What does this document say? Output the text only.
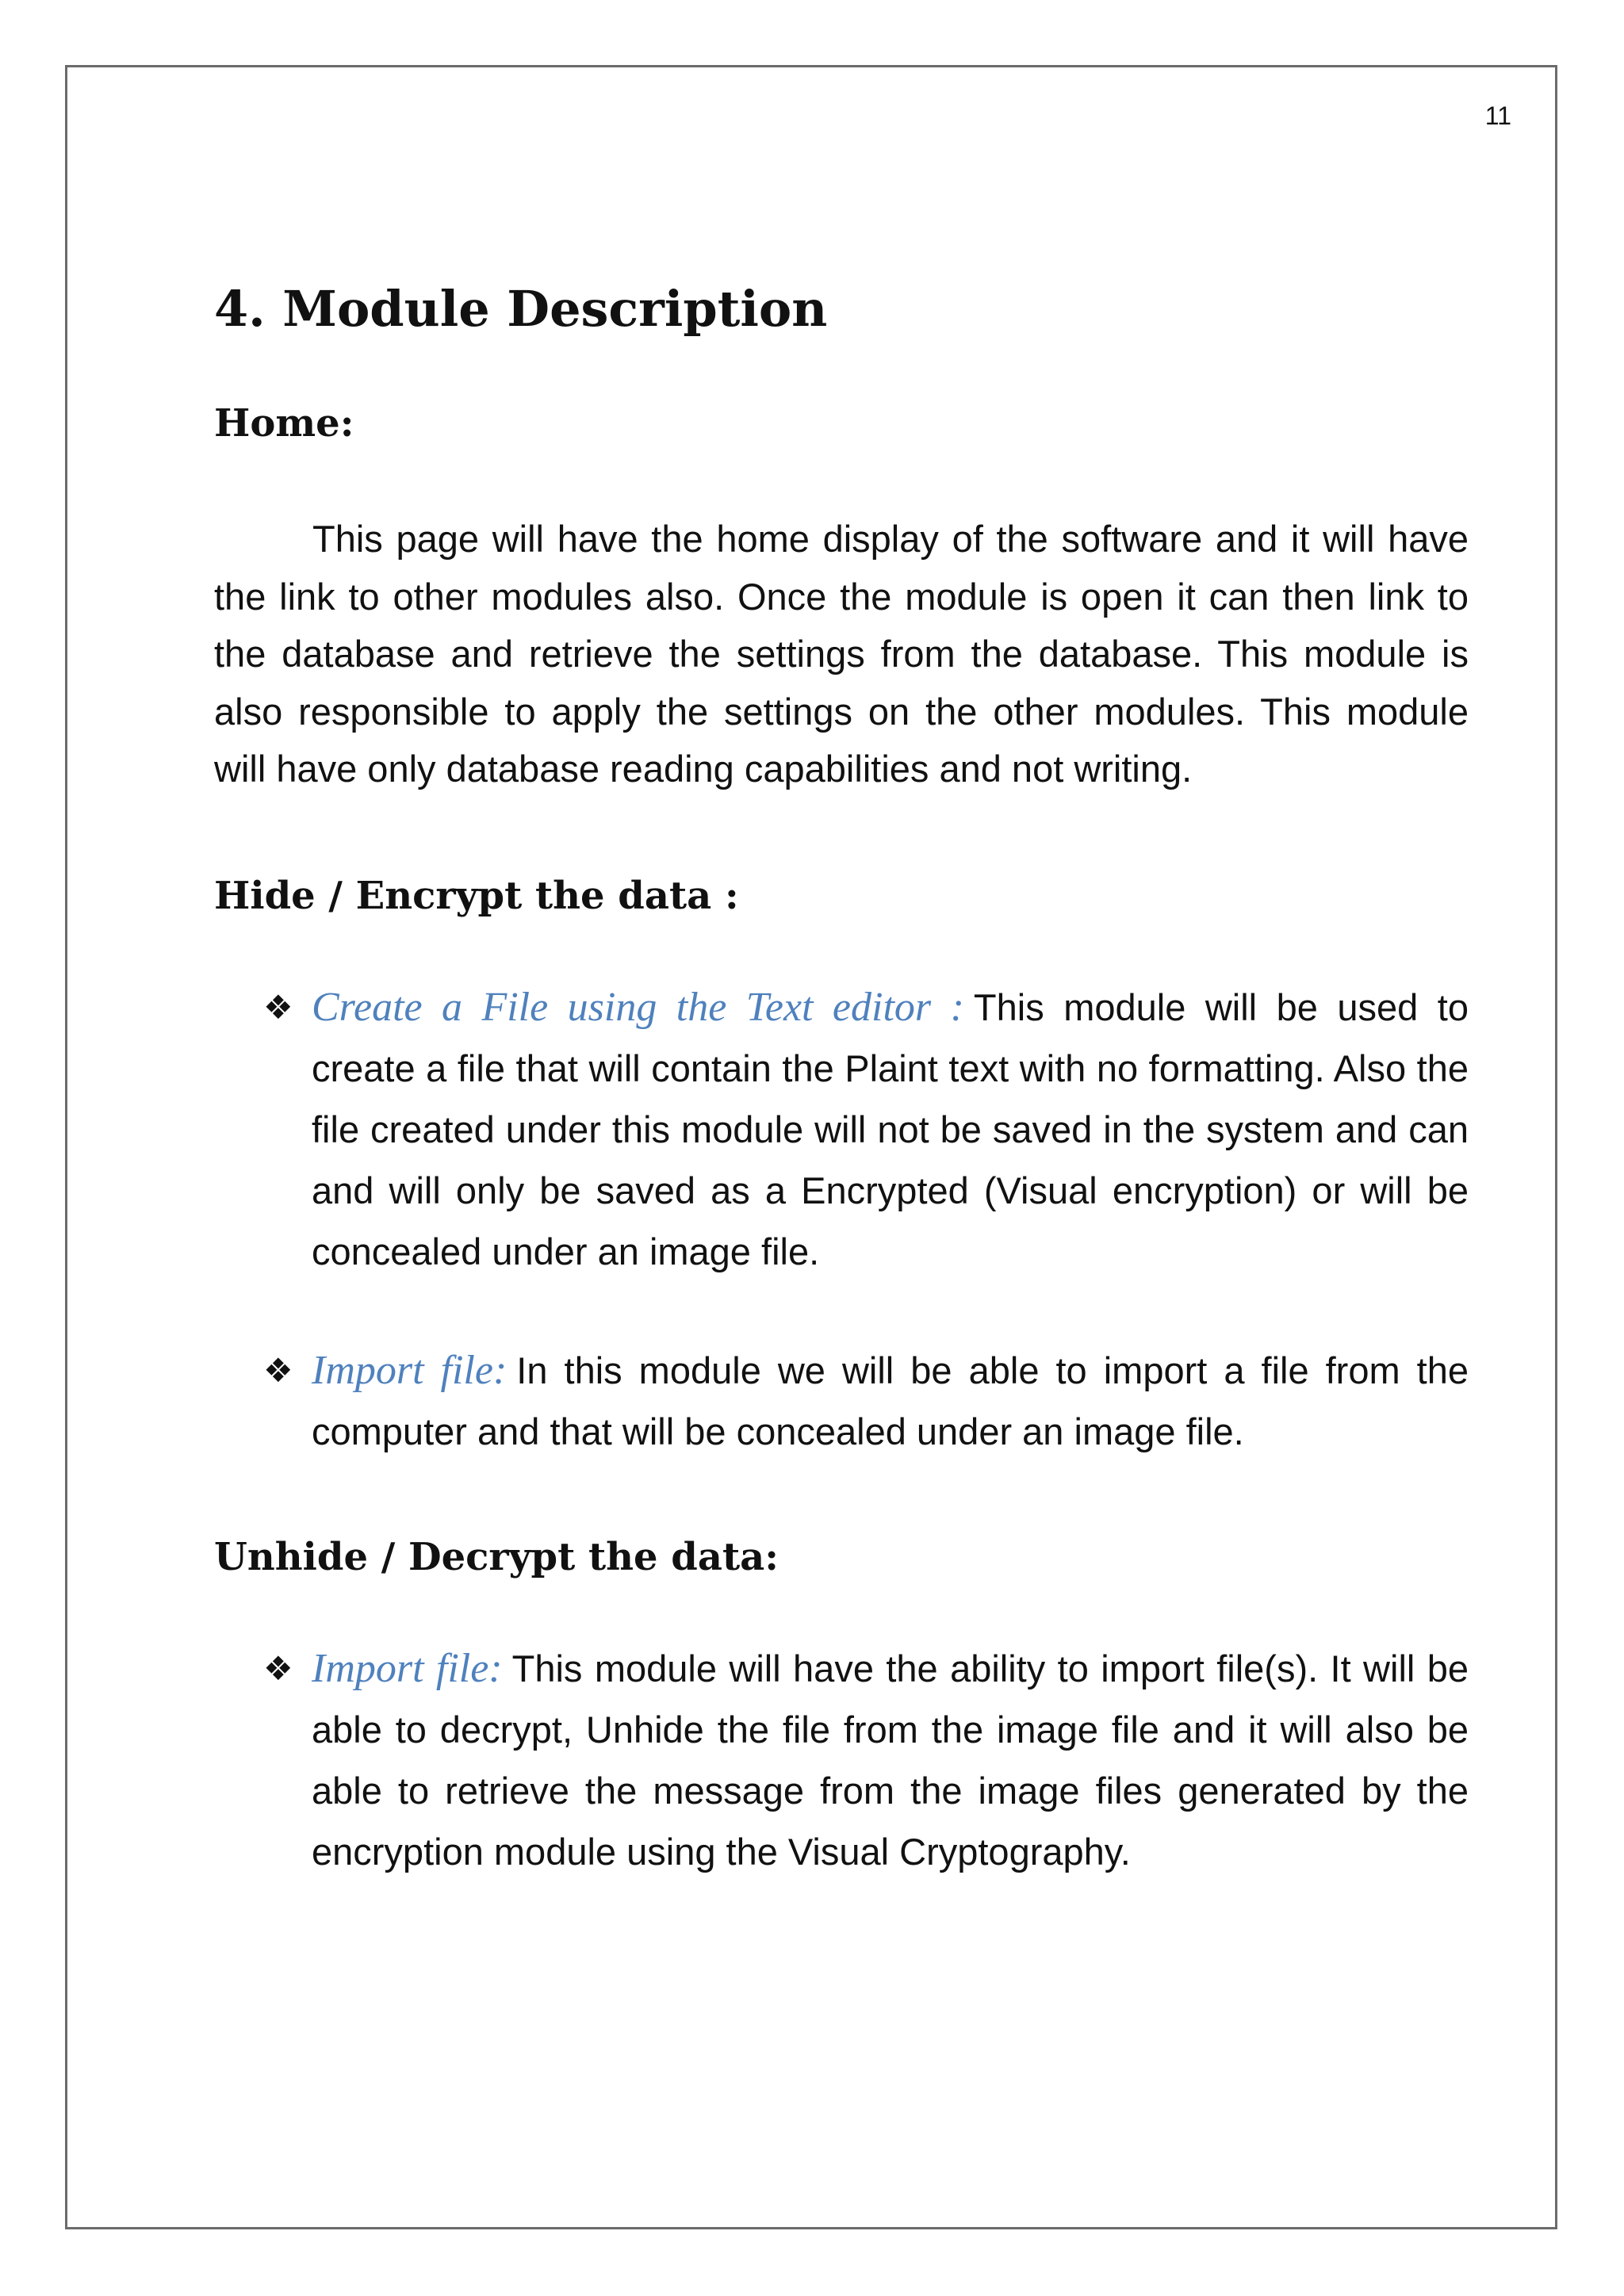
11
4. Module Description
Home:

This page will have the home display of the software and it will have the link to other modules also. Once the module is open it can then link to the database and retrieve the settings from the database. This module is also responsible to apply the settings on the other modules. This module will have only database reading capabilities and not writing.

Hide / Encrypt the data :

❖ Create a File using the Text editor : This module will be used to create a file that will contain the Plaint text with no formatting. Also the file created under this module will not be saved in the system and can and will only be saved as a Encrypted (Visual encryption) or will be concealed under an image file.

❖ Import file: In this module we will be able to import a file from the computer and that will be concealed under an image file.

Unhide / Decrypt the data:

❖ Import file: This module will have the ability to import file(s). It will be able to decrypt, Unhide the file from the image file and it will also be able to retrieve the message from the image files generated by the encryption module using the Visual Cryptography.
